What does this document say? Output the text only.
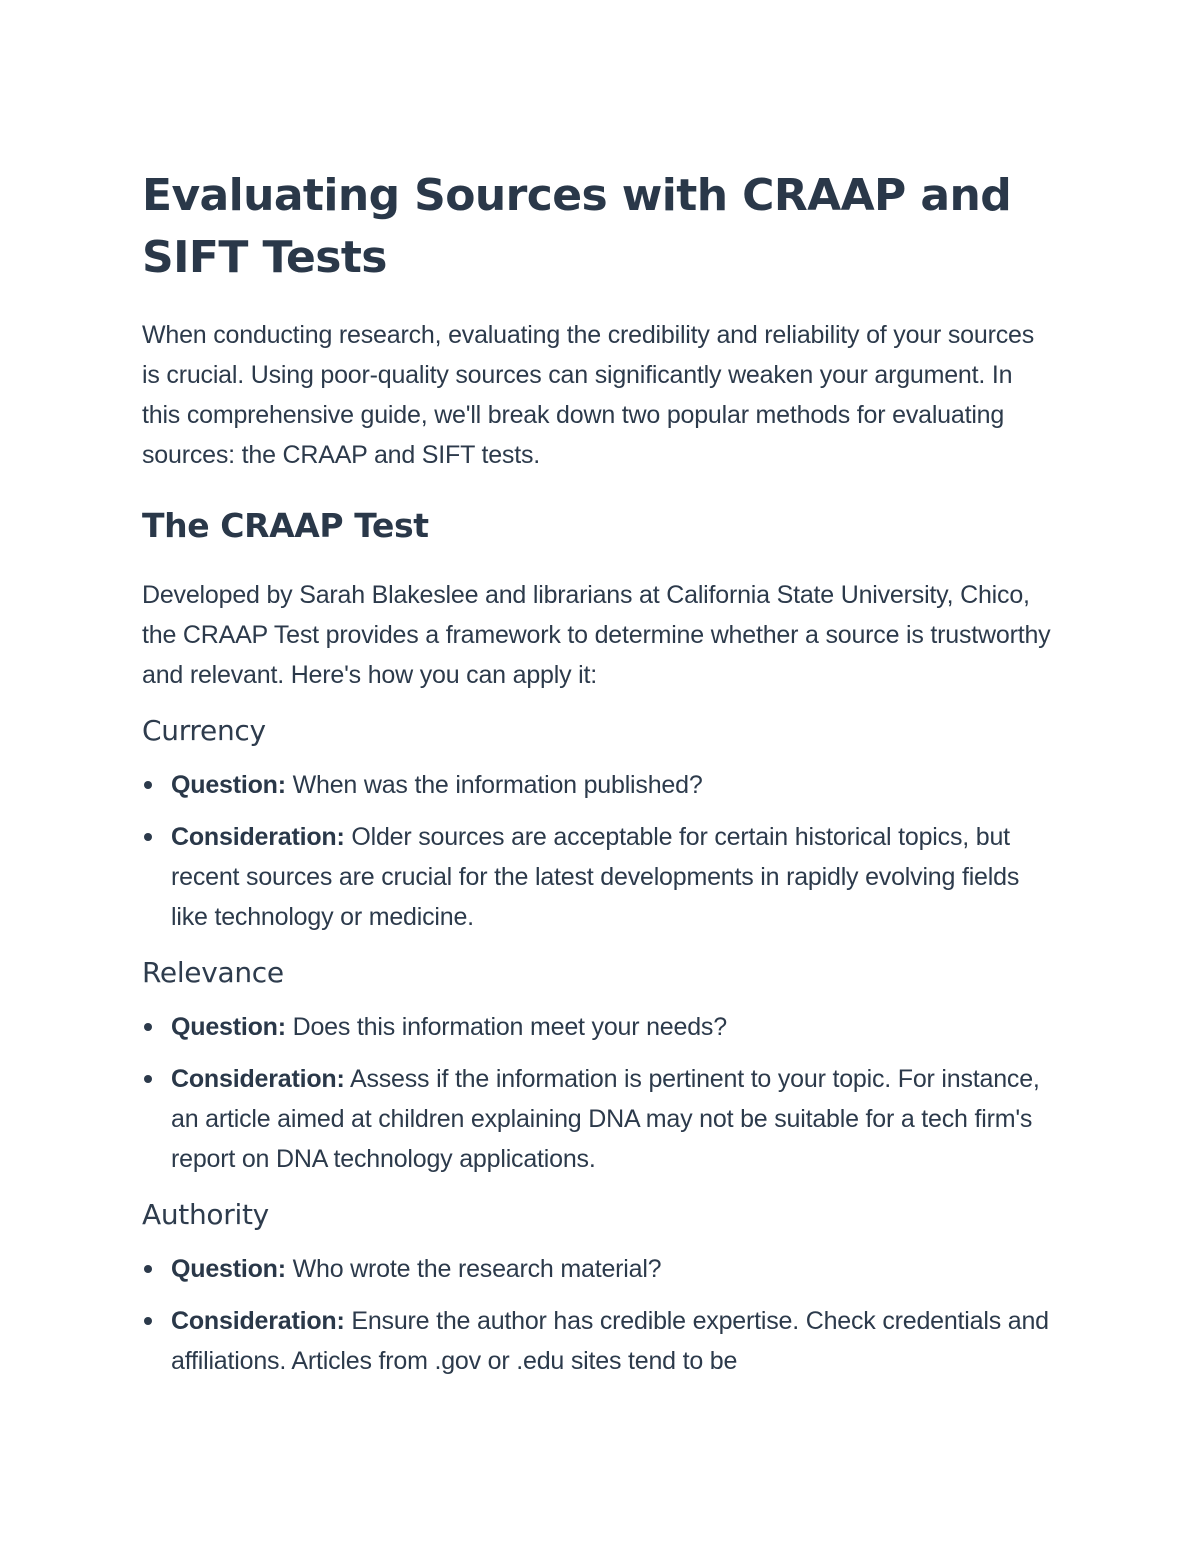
Evaluating Sources with CRAAP and SIFT Tests

When conducting research, evaluating the credibility and reliability of your sources is crucial. Using poor-quality sources can significantly weaken your argument. In this comprehensive guide, we'll break down two popular methods for evaluating sources: the CRAAP and SIFT tests.

The CRAAP Test

Developed by Sarah Blakeslee and librarians at California State University, Chico, the CRAAP Test provides a framework to determine whether a source is trustworthy and relevant. Here's how you can apply it:

Currency
Question: When was the information published?
Consideration: Older sources are acceptable for certain historical topics, but recent sources are crucial for the latest developments in rapidly evolving fields like technology or medicine.
Relevance
Question: Does this information meet your needs?
Consideration: Assess if the information is pertinent to your topic. For instance, an article aimed at children explaining DNA may not be suitable for a tech firm's report on DNA technology applications.
Authority
Question: Who wrote the research material?
Consideration: Ensure the author has credible expertise. Check credentials and affiliations. Articles from .gov or .edu sites tend to be
